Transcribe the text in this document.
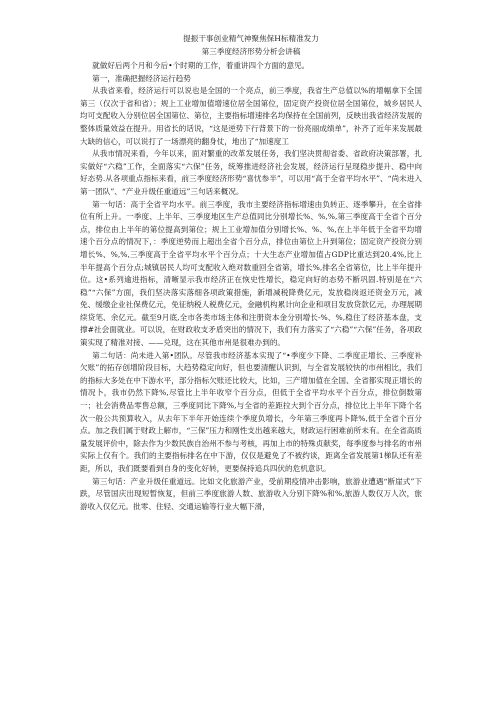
提振干事创业精气神聚焦保H标精准发力

第三季度经济形势分析会讲稿

就做好后两个月和今后•个时期的工作，着重讲四个方面的意见。

第一，准确把握经济运行趋势

从我省来看，经济运行可以说也是全国的一个亮点，前三季度，我省生产总值以%的增幅拿下全国第三（仅次于省和省）；规上工业增加值增速位居全国第位，固定资产投资位居全国第位，城乡居民人均可支配收入分别位居全国第位、第位，主要指标增速排名均保持在全国前列，反映出我省经济发展的整体质量效益在提升。用省长的话说，“这是逆势下行背景下的一份亮丽成绩单”，补齐了近年来发展最大缺的信心，可以说打了一场漂亮的翻身仗，地出了“加速度工

从我市情况来看，今年以来，面对繁重的改革发展任务，我们坚决贯彻省委、省政府决策部署，扎实做好“六稳”工作，全面落实“六保”任务，统筹推进经济社会发展，经济运行呈现稳步提升、稳中向好态势.从各项重点指标来看，前三季度经济形势“喜忧参半”，可以用“高于全省平均水平”、“尚未进入第一团队”、“产业升级任重道远”三句话来概况。

第一句话：高于全省平均水平。前三季度，我市主要经济指标增速由负转正、逐季攀升，在全省排位有所上升。一季度、上半年、三季度地区生产总值同比分别增长%、%,%,第三季度高于全省个百分点，排位由上半年的第位提高到第位；规上工业增加值分别增长%、%、%,在上半年低于全省平均增速个百分点的情况下，：季度逆势而上超出全省个百分点，排位由第位上升到第位；固定资产投资分别增长%、%,%,三季度高于全省平均水平个百分点；十大生态产业增加值占GDP比重达到20.4%,比上半年提高个百分点;城镇居民人均可支配收入绝对数重回全省第，增长%,排名全省第位，比上半年提升位。这•系列逾进指标，清晰显示我市经济正在恢史性增长，稳定向好的态势不断巩固.特别是在“六稳”“六保”方面，我们坚决落实落细各项政策措施，新增减税降费亿元，发放稳岗返还资金万元，减免、缓缴企业社保费亿元，免征纳税人税费亿元，金融机构累计向企业和项目发放贷款亿元，办理展期续贷笔、余亿元。截至9月底,全市各类市场主体和注册资本金分别增长-%、%,稳住了经济基本盘，支撑#社会面就业。可以说，在财政收支矛盾突出的情况下，我们有力落实了“六稳”“六保”任务，各项政策实现了精准对接、——兑现，这在其他市州是很难办到的。

第二句话：尚未进入第•团队。尽管我市经济基本实现了“•季度少下降、二季度正增长、三季度补欠账”的拓存创增阶段目标，大趋势稳定向好，但也要清醒认识到，与全省发展较快的市州相比，我们的指标大多处在中下游水平，部分指标欠账还比较大，比如，三产增加值在全国、全省都实现正增长的情况卜，我市仍然下降%,尽管比上半年收窄个百分点，但低于全省平均水平个百分点，排位倒数第一；社会消费品零售总额，三季度同比下降%,与全省的差距拉大到个百分点，排位比上半年下降个名次一般公共预算收入，从去年下半年开始连续个季度负增长，今年第三季度再卜降%,低于全省个百分点。加之我们属于财政上解市，“三保”压力和刚性支出越来越大，财政运行困难前所未有。在全省高质量发展评价中，除去作为少数民族自治州不参与考核，再加上市的特殊贞献奖，每季度参与排名的市州实际上仅有个。我们的主要指标排名在中下游，仅仅是避免了不被约谈，距离全省发展第1梯队还有差距，所以，我们既要看到自身的变化好转，更要保持追兵四伏的危机意识。

第三句话：产业升级任重道远。比如文化旅游产业，受前期疫情冲击影响，旅游业遭遇“断崖式”下跌，尽管国庆出现短暂恢复，但前三季度旅游人数、旅游收入分别下降%和%,旅游人数仅万人次，旅游收入仅亿元。批零、住轻、交通运输等行业大幅下滑，
